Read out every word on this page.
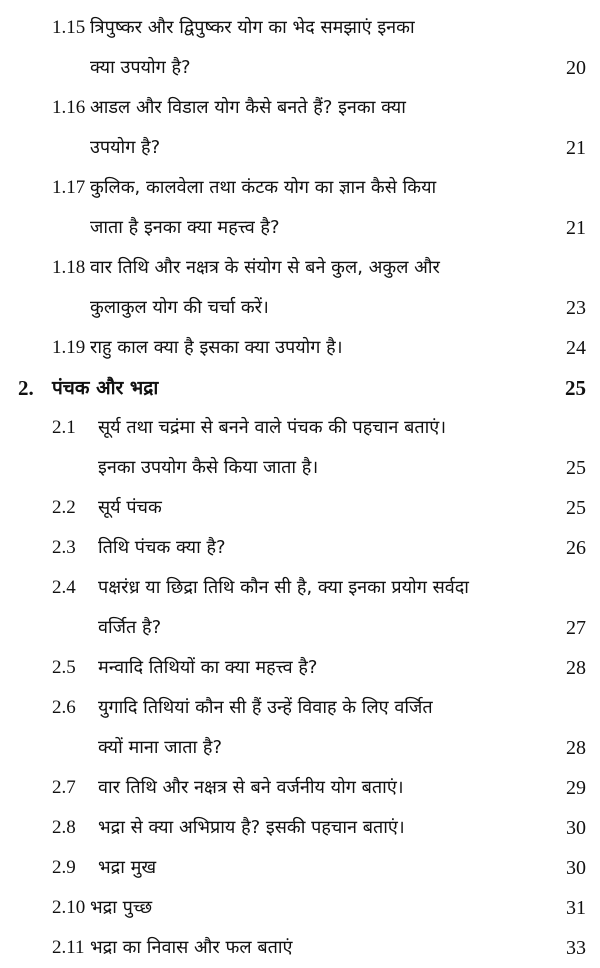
1.15 त्रिपुष्कर और द्विपुष्कर योग का भेद समझाएं इनका
क्या उपयोग है?	20
1.16 आडल और विडाल योग कैसे बनते हैं? इनका क्या
उपयोग है?	21
1.17 कुलिक, कालवेला तथा कंटक योग का ज्ञान कैसे किया
जाता है इनका क्या महत्त्व है?	21
1.18 वार तिथि और नक्षत्र के संयोग से बने कुल, अकुल और
कुलाकुल योग की चर्चा करें।	23
1.19 राहु काल क्या है इसका क्या उपयोग है।	24
2. पंचक और भद्रा	25
2.1 सूर्य तथा चद्रंमा से बनने वाले पंचक की पहचान बताएं।
इनका उपयोग कैसे किया जाता है।	25
2.2 सूर्य पंचक	25
2.3 तिथि पंचक क्या है?	26
2.4 पक्षरंध्र या छिद्रा तिथि कौन सी है, क्या इनका प्रयोग सर्वदा
वर्जित है?	27
2.5 मन्वादि तिथियों का क्या महत्त्व है?	28
2.6 युगादि तिथियां कौन सी हैं उन्हें विवाह के लिए वर्जित
क्यों माना जाता है?	28
2.7 वार तिथि और नक्षत्र से बने वर्जनीय योग बताएं।	29
2.8 भद्रा से क्या अभिप्राय है? इसकी पहचान बताएं।	30
2.9 भद्रा मुख	30
2.10 भद्रा पुच्छ	31
2.11 भद्रा का निवास और फल बताएं	33
